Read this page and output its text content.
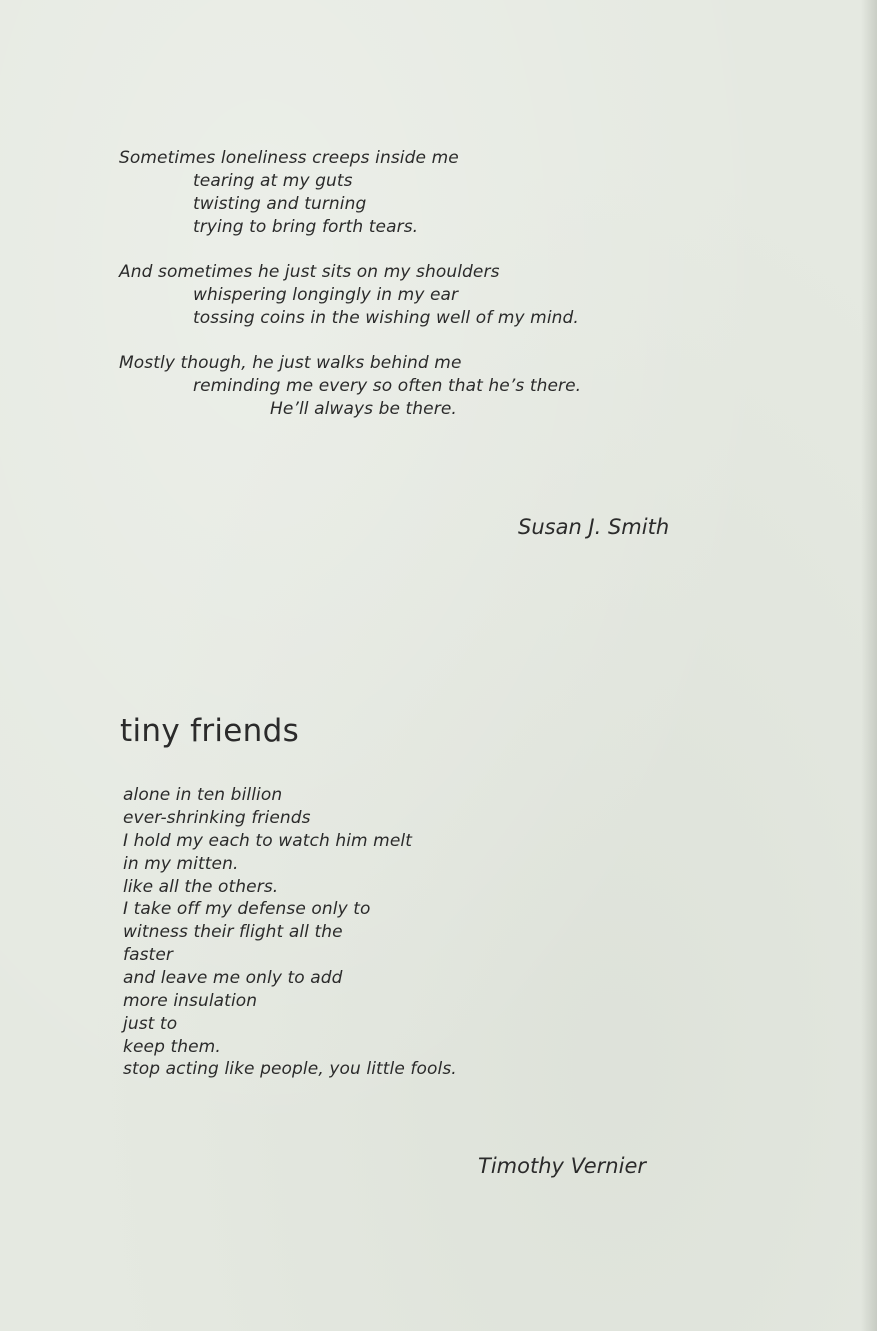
Sometimes loneliness creeps inside me
tearing at my guts
twisting and turning
trying to bring forth tears.
And sometimes he just sits on my shoulders
whispering longingly in my ear
tossing coins in the wishing well of my mind.
Mostly though, he just walks behind me
reminding me every so often that he’s there.
He’ll always be there.
Susan J. Smith
tiny friends
alone in ten billion
ever-shrinking friends
I hold my each to watch him melt
in my mitten.
like all the others.
I take off my defense only to
witness their flight all the
faster
and leave me only to add
more insulation
just to
keep them.
stop acting like people, you little fools.
Timothy Vernier
